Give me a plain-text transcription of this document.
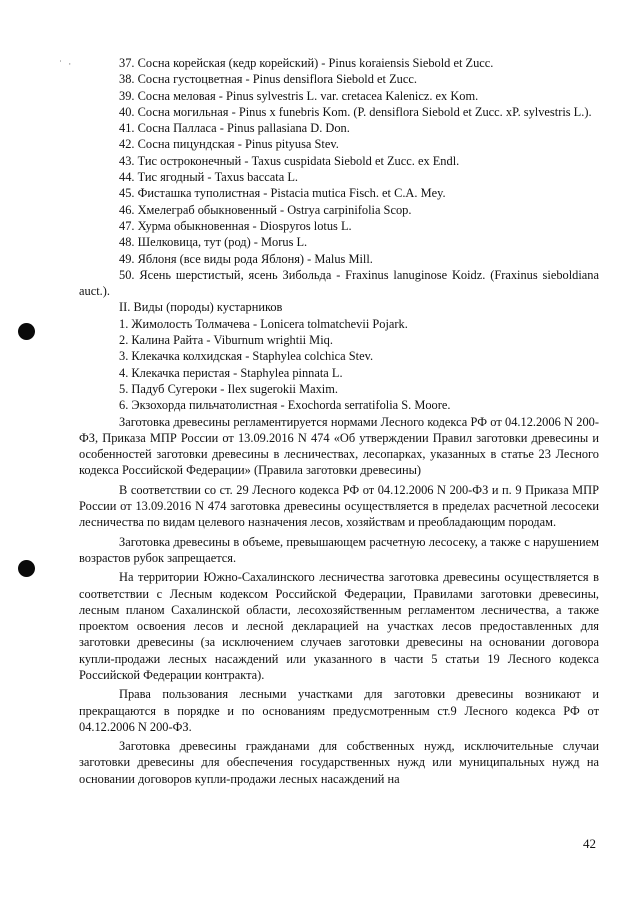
˙ ·	37. Сосна корейская (кедр корейский) - Pinus koraiensis Siebold et Zucc.

38. Сосна густоцветная - Pinus densiflora Siebold et Zucc.

39. Сосна меловая - Pinus sylvestris L. var. cretacea Kalenicz. ex Kom.

40. Сосна могильная - Pinus x funebris Kom. (P. densiflora Siebold et Zucc. xP. sylvestris L.).

41. Сосна Палласа - Pinus pallasiana D. Don.

42. Сосна пицундская - Pinus pityusa Stev.

43. Тис остроконечный - Taxus cuspidata Siebold et Zucc. ex Endl.

44. Тис ягодный - Taxus baccata L.

45. Фисташка туполистная - Pistacia mutica Fisch. et C.A. Mey.

46. Хмелеграб обыкновенный - Ostrya carpinifolia Scop.

47. Хурма обыкновенная - Diospyros lotus L.

48. Шелковица, тут (род) - Morus L.

49. Яблоня (все виды рода Яблоня) - Malus Mill.

50. Ясень шерстистый, ясень Зибольда - Fraxinus lanuginose Koidz. (Fraxinus sieboldiana auct.).

II. Виды (породы) кустарников

1. Жимолость Толмачева - Lonicera tolmatchevii Pojark.

2. Калина Райта - Viburnum wrightii Miq.

3. Клекачка колхидская - Staphylea colchica Stev.

4. Клекачка перистая - Staphylea pinnata L.

5. Падуб Сугероки - Ilex sugerokii Maxim.

6. Экзохорда пильчатолистная - Exochorda serratifolia S. Moore.

Заготовка древесины регламентируется нормами Лесного кодекса РФ от 04.12.2006 N 200-ФЗ, Приказа МПР России от 13.09.2016 N 474 «Об утверждении Правил заготовки древесины и особенностей заготовки древесины в лесничествах, лесопарках, указанных в статье 23 Лесного кодекса Российской Федерации» (Правила заготовки древесины)

В соответствии со ст. 29 Лесного кодекса РФ от 04.12.2006 N 200-ФЗ и п. 9 Приказа МПР России от 13.09.2016 N 474 заготовка древесины осуществляется в пределах расчетной лесосеки лесничества по видам целевого назначения лесов, хозяйствам и преобладающим породам.

Заготовка древесины в объеме, превышающем расчетную лесосеку, а также с нарушением возрастов рубок запрещается.

На территории Южно-Сахалинского лесничества заготовка древесины осуществляется в соответствии с Лесным кодексом Российской Федерации, Правилами заготовки древесины, лесным планом Сахалинской области, лесохозяйственным регламентом лесничества, а также проектом освоения лесов и лесной декларацией на участках лесов предоставленных для заготовки древесины (за исключением случаев заготовки древесины на основании договора купли-продажи лесных насаждений или указанного в части 5 статьи 19 Лесного кодекса Российской Федерации контракта).

Права пользования лесными участками для заготовки древесины возникают и прекращаются в порядке и по основаниям предусмотренным ст.9 Лесного кодекса РФ от 04.12.2006 N 200-ФЗ.

Заготовка древесины гражданами для собственных нужд, исключительные случаи заготовки древесины для обеспечения государственных нужд или муниципальных нужд на основании договоров купли-продажи лесных насаждений на

42
